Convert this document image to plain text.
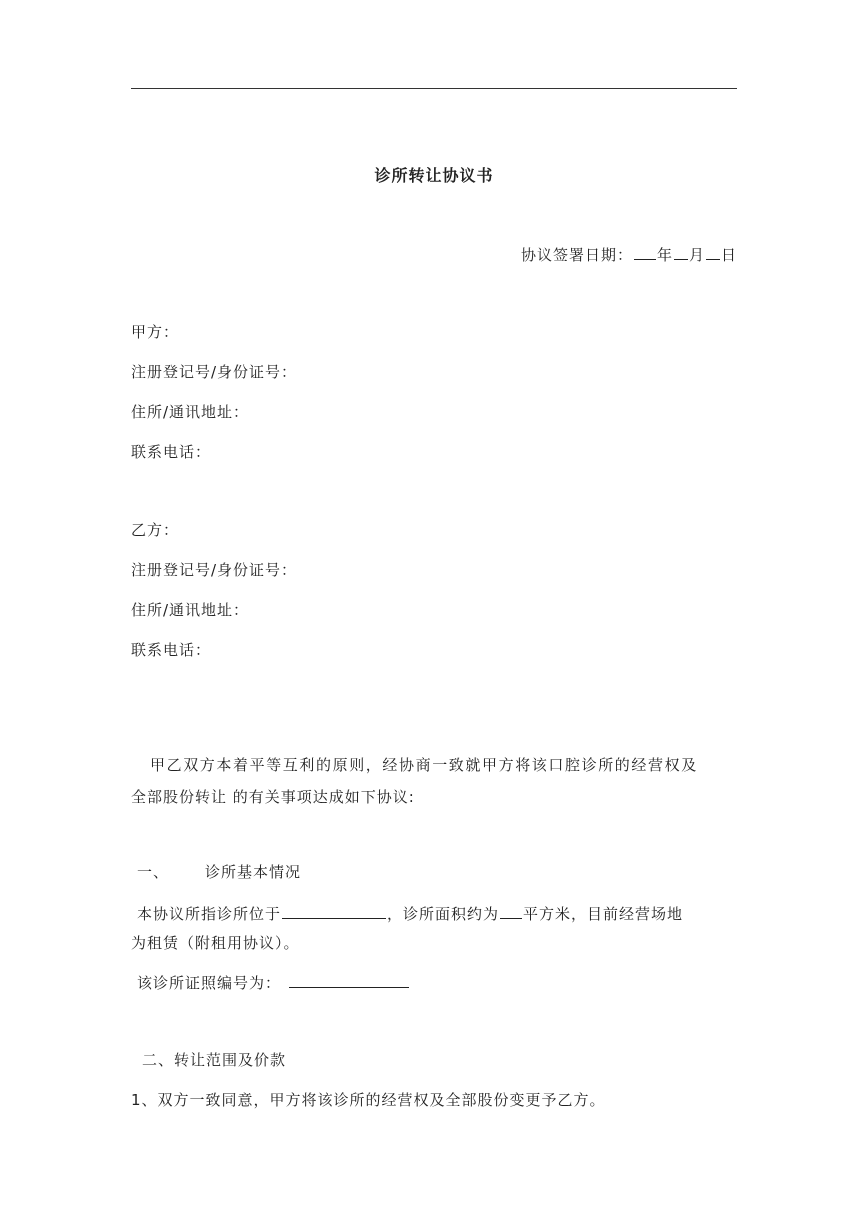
诊所转让协议书
协议签署日期： 年 月 日
甲方：
注册登记号/身份证号：
住所/通讯地址：
联系电话：
乙方：
注册登记号/身份证号：
住所/通讯地址：
联系电话：
甲乙双方本着平等互利的原则，经协商一致就甲方将该口腔诊所的经营权及
全部股份转让 的有关事项达成如下协议:
一、 诊所基本情况
本协议所指诊所位于	，诊所面积约为 平方米，目前经营场地
为租赁（附租用协议）。
该诊所证照编号为：
二、转让范围及价款
1、双方一致同意，甲方将该诊所的经营权及全部股份变更予乙方。
